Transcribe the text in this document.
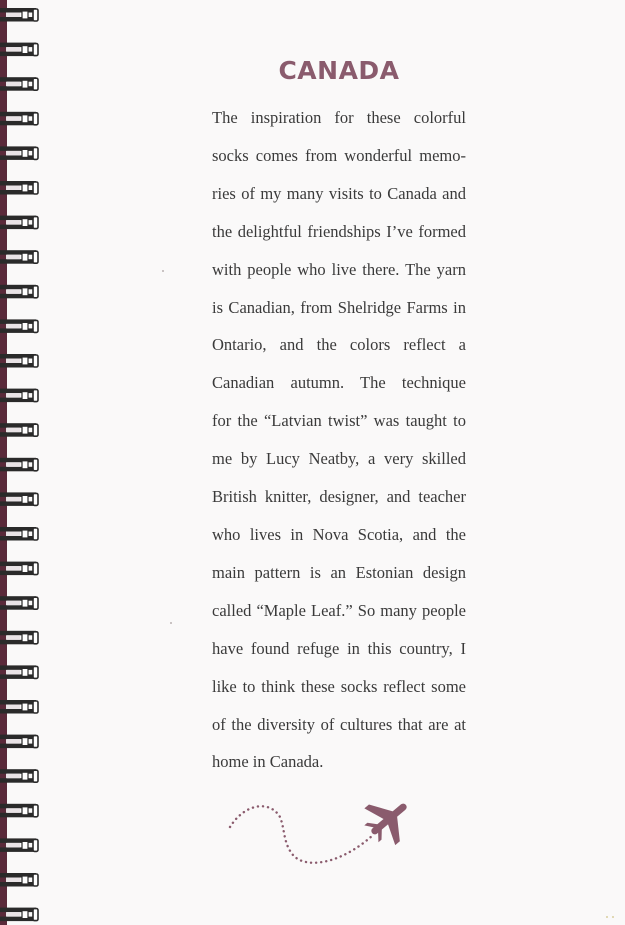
CANADA
The inspiration for these colorful
socks comes from wonderful memo-
ries of my many visits to Canada and
the delightful friendships I’ve formed
with people who live there. The yarn
is Canadian, from Shelridge Farms in
Ontario, and the colors reflect a
Canadian autumn. The technique
for the “Latvian twist” was taught to
me by Lucy Neatby, a very skilled
British knitter, designer, and teacher
who lives in Nova Scotia, and the
main pattern is an Estonian design
called “Maple Leaf.” So many people
have found refuge in this country, I
like to think these socks reflect some
of the diversity of cultures that are at
home in Canada.
